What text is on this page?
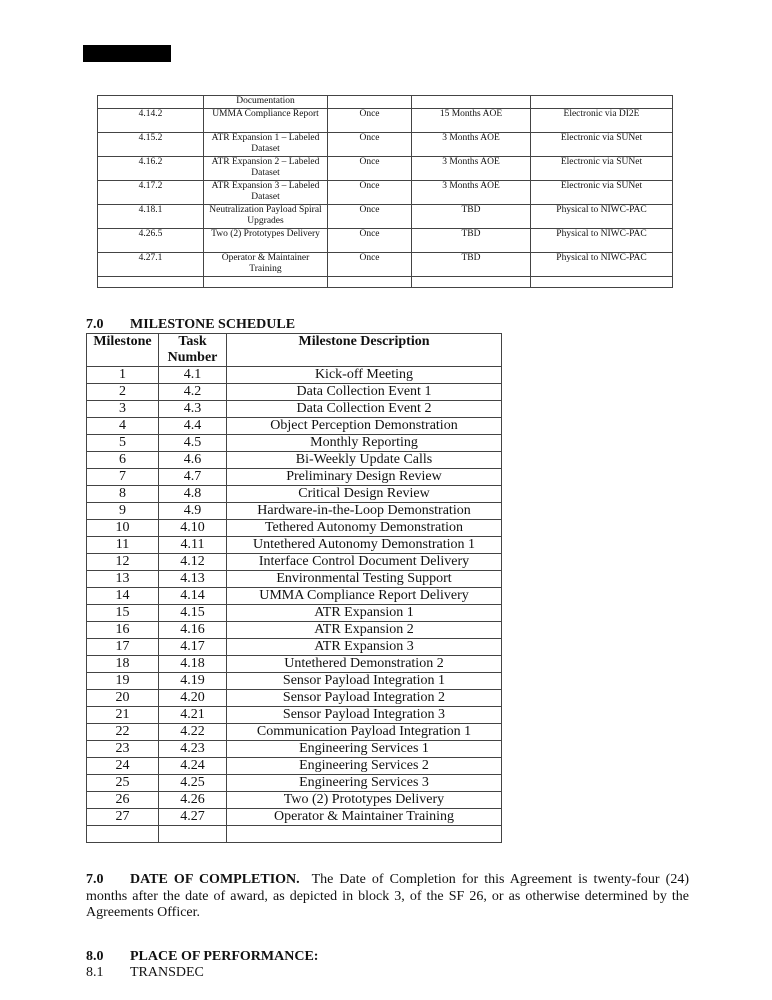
	Documentation			
4.14.2	UMMA Compliance Report	Once	15 Months AOE	Electronic via DI2E
4.15.2	ATR Expansion 1 – Labeled Dataset	Once	3 Months AOE	Electronic via SUNet
4.16.2	ATR Expansion 2 – Labeled Dataset	Once	3 Months AOE	Electronic via SUNet
4.17.2	ATR Expansion 3 – Labeled Dataset	Once	3 Months AOE	Electronic via SUNet
4.18.1	Neutralization Payload Spiral Upgrades	Once	TBD	Physical to NIWC-PAC
4.26.5	Two (2) Prototypes Delivery	Once	TBD	Physical to NIWC-PAC
4.27.1	Operator & Maintainer Training	Once	TBD	Physical to NIWC-PAC

7.0 MILESTONE SCHEDULE
Milestone	Task Number	Milestone Description
1	4.1	Kick-off Meeting
2	4.2	Data Collection Event 1
3	4.3	Data Collection Event 2
4	4.4	Object Perception Demonstration
5	4.5	Monthly Reporting
6	4.6	Bi-Weekly Update Calls
7	4.7	Preliminary Design Review
8	4.8	Critical Design Review
9	4.9	Hardware-in-the-Loop Demonstration
10	4.10	Tethered Autonomy Demonstration
11	4.11	Untethered Autonomy Demonstration 1
12	4.12	Interface Control Document Delivery
13	4.13	Environmental Testing Support
14	4.14	UMMA Compliance Report Delivery
15	4.15	ATR Expansion 1
16	4.16	ATR Expansion 2
17	4.17	ATR Expansion 3
18	4.18	Untethered Demonstration 2
19	4.19	Sensor Payload Integration 1
20	4.20	Sensor Payload Integration 2
21	4.21	Sensor Payload Integration 3
22	4.22	Communication Payload Integration 1
23	4.23	Engineering Services 1
24	4.24	Engineering Services 2
25	4.25	Engineering Services 3
26	4.26	Two (2) Prototypes Delivery
27	4.27	Operator & Maintainer Training

7.0 DATE OF COMPLETION. The Date of Completion for this Agreement is twenty-four (24) months after the date of award, as depicted in block 3, of the SF 26, or as otherwise determined by the Agreements Officer.
8.0 PLACE OF PERFORMANCE:
8.1 TRANSDEC
